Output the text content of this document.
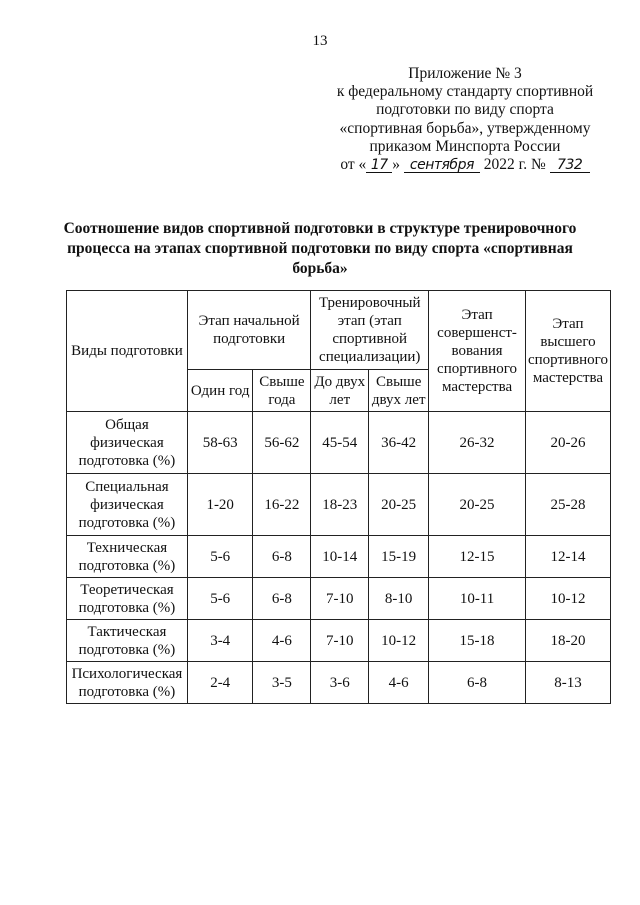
13
Приложение № 3
к федеральному стандарту спортивной
подготовки по виду спорта
«спортивная борьба», утвержденному
приказом Минспорта России
от « 17 » сентября 2022 г. № 732
Соотношение видов спортивной подготовки в структуре тренировочного процесса на этапах спортивной подготовки по виду спорта «спортивная борьба»
Виды подготовки	Этап начальной подготовки		Тренировочный этап (этап спортивной специализации)		Этап совершенст-вования спортивного мастерства	Этап высшего спортивного мастерства

	Один год	Свыше года	До двух лет	Свыше двух лет		

Общая физическая подготовка (%)	58-63	56-62	45-54	36-42	26-32	20-26
Специальная физическая подготовка (%)	1-20	16-22	18-23	20-25	20-25	25-28
Техническая подготовка (%)	5-6	6-8	10-14	15-19	12-15	12-14
Теоретическая подготовка (%)	5-6	6-8	7-10	8-10	10-11	10-12
Тактическая подготовка (%)	3-4	4-6	7-10	10-12	15-18	18-20
Психологическая подготовка (%)	2-4	3-5	3-6	4-6	6-8	8-13
